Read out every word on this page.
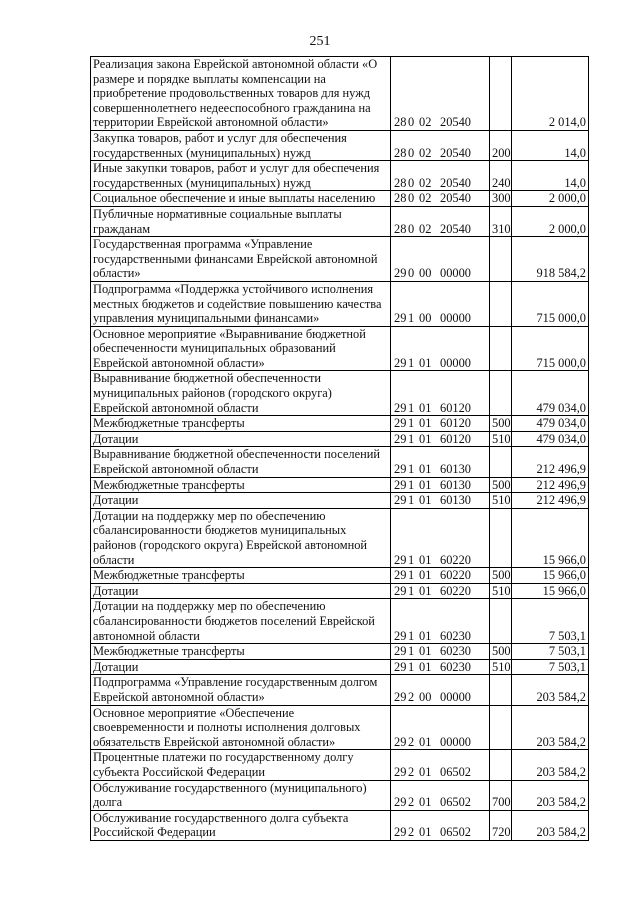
251
Реализация закона Еврейской автономной области «О размере и порядке выплаты компенсации на приобретение продовольственных товаров для нужд совершеннолетнего недееспособного гражданина на территории Еврейской автономной области»	28 0 02 20540		2 014,0
Закупка товаров, работ и услуг для обеспечения государственных (муниципальных) нужд	28 0 02 20540	200	14,0
Иные закупки товаров, работ и услуг для обеспечения государственных (муниципальных) нужд	28 0 02 20540	240	14,0
Социальное обеспечение и иные выплаты населению	28 0 02 20540	300	2 000,0
Публичные нормативные социальные выплаты гражданам	28 0 02 20540	310	2 000,0
Государственная программа «Управление государственными финансами Еврейской автономной области»	29 0 00 00000		918 584,2
Подпрограмма «Поддержка устойчивого исполнения местных бюджетов и содействие повышению качества управления муниципальными финансами»	29 1 00 00000		715 000,0
Основное мероприятие «Выравнивание бюджетной обеспеченности муниципальных образований Еврейской автономной области»	29 1 01 00000		715 000,0
Выравнивание бюджетной обеспеченности муниципальных районов (городского округа) Еврейской автономной области	29 1 01 60120		479 034,0
Межбюджетные трансферты	29 1 01 60120	500	479 034,0
Дотации	29 1 01 60120	510	479 034,0
Выравнивание бюджетной обеспеченности поселений Еврейской автономной области	29 1 01 60130		212 496,9
Межбюджетные трансферты	29 1 01 60130	500	212 496,9
Дотации	29 1 01 60130	510	212 496,9
Дотации на поддержку мер по обеспечению сбалансированности бюджетов муниципальных районов (городского округа) Еврейской автономной области	29 1 01 60220		15 966,0
Межбюджетные трансферты	29 1 01 60220	500	15 966,0
Дотации	29 1 01 60220	510	15 966,0
Дотации на поддержку мер по обеспечению сбалансированности бюджетов поселений Еврейской автономной области	29 1 01 60230		7 503,1
Межбюджетные трансферты	29 1 01 60230	500	7 503,1
Дотации	29 1 01 60230	510	7 503,1
Подпрограмма «Управление государственным долгом Еврейской автономной области»	29 2 00 00000		203 584,2
Основное мероприятие «Обеспечение своевременности и полноты исполнения долговых обязательств Еврейской автономной области»	29 2 01 00000		203 584,2
Процентные платежи по государственному долгу субъекта Российской Федерации	29 2 01 06502		203 584,2
Обслуживание государственного (муниципального) долга	29 2 01 06502	700	203 584,2
Обслуживание государственного долга субъекта Российской Федерации	29 2 01 06502	720	203 584,2
